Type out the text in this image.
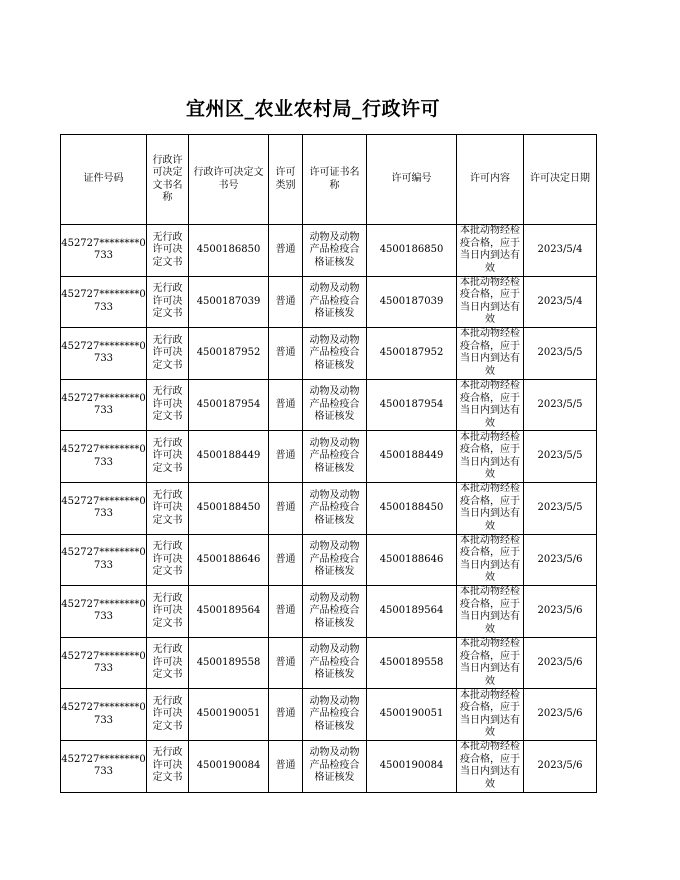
宜州区_农业农村局_行政许可
证件号码	行政许可决定文书名称	行政许可决定文书号	许可类别	许可证书名称	许可编号	许可内容	许可决定日期
452727********0733	无行政许可决定文书	4500186850	普通	动物及动物产品检疫合格证核发	4500186850	本批动物经检疫合格，应于当日内到达有效	2023/5/4
452727********0733	无行政许可决定文书	4500187039	普通	动物及动物产品检疫合格证核发	4500187039	本批动物经检疫合格，应于当日内到达有效	2023/5/4
452727********0733	无行政许可决定文书	4500187952	普通	动物及动物产品检疫合格证核发	4500187952	本批动物经检疫合格，应于当日内到达有效	2023/5/5
452727********0733	无行政许可决定文书	4500187954	普通	动物及动物产品检疫合格证核发	4500187954	本批动物经检疫合格，应于当日内到达有效	2023/5/5
452727********0733	无行政许可决定文书	4500188449	普通	动物及动物产品检疫合格证核发	4500188449	本批动物经检疫合格，应于当日内到达有效	2023/5/5
452727********0733	无行政许可决定文书	4500188450	普通	动物及动物产品检疫合格证核发	4500188450	本批动物经检疫合格，应于当日内到达有效	2023/5/5
452727********0733	无行政许可决定文书	4500188646	普通	动物及动物产品检疫合格证核发	4500188646	本批动物经检疫合格，应于当日内到达有效	2023/5/6
452727********0733	无行政许可决定文书	4500189564	普通	动物及动物产品检疫合格证核发	4500189564	本批动物经检疫合格，应于当日内到达有效	2023/5/6
452727********0733	无行政许可决定文书	4500189558	普通	动物及动物产品检疫合格证核发	4500189558	本批动物经检疫合格，应于当日内到达有效	2023/5/6
452727********0733	无行政许可决定文书	4500190051	普通	动物及动物产品检疫合格证核发	4500190051	本批动物经检疫合格，应于当日内到达有效	2023/5/6
452727********0733	无行政许可决定文书	4500190084	普通	动物及动物产品检疫合格证核发	4500190084	本批动物经检疫合格，应于当日内到达有效	2023/5/6
